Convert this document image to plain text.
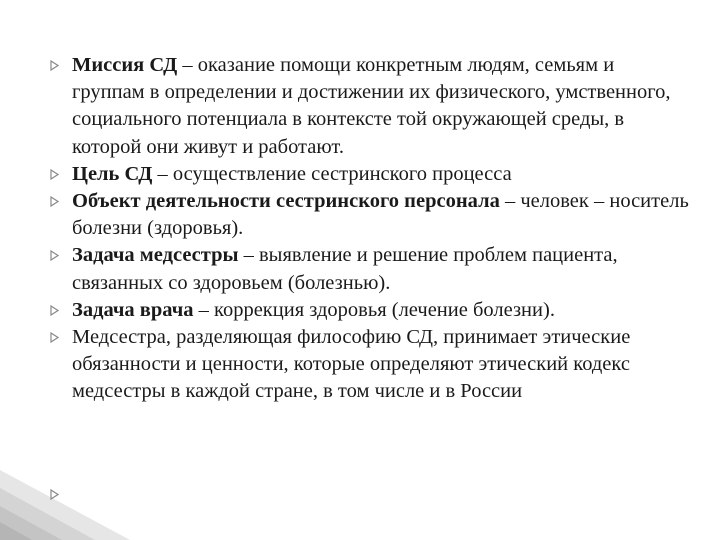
Миссия СД – оказание помощи конкретным людям, семьям и группам в определении и достижении их физического, умственного, социального потенциала в контексте той окружающей среды, в которой они живут и работают.
Цель СД – осуществление сестринского процесса
Объект деятельности сестринского персонала – человек – носитель болезни (здоровья).
Задача медсестры – выявление и решение проблем пациента, связанных со здоровьем (болезнью).
Задача врача – коррекция здоровья (лечение болезни).
Медсестра, разделяющая философию СД, принимает этические обязанности и ценности, которые определяют этический кодекс медсестры в каждой стране, в том числе и в России
